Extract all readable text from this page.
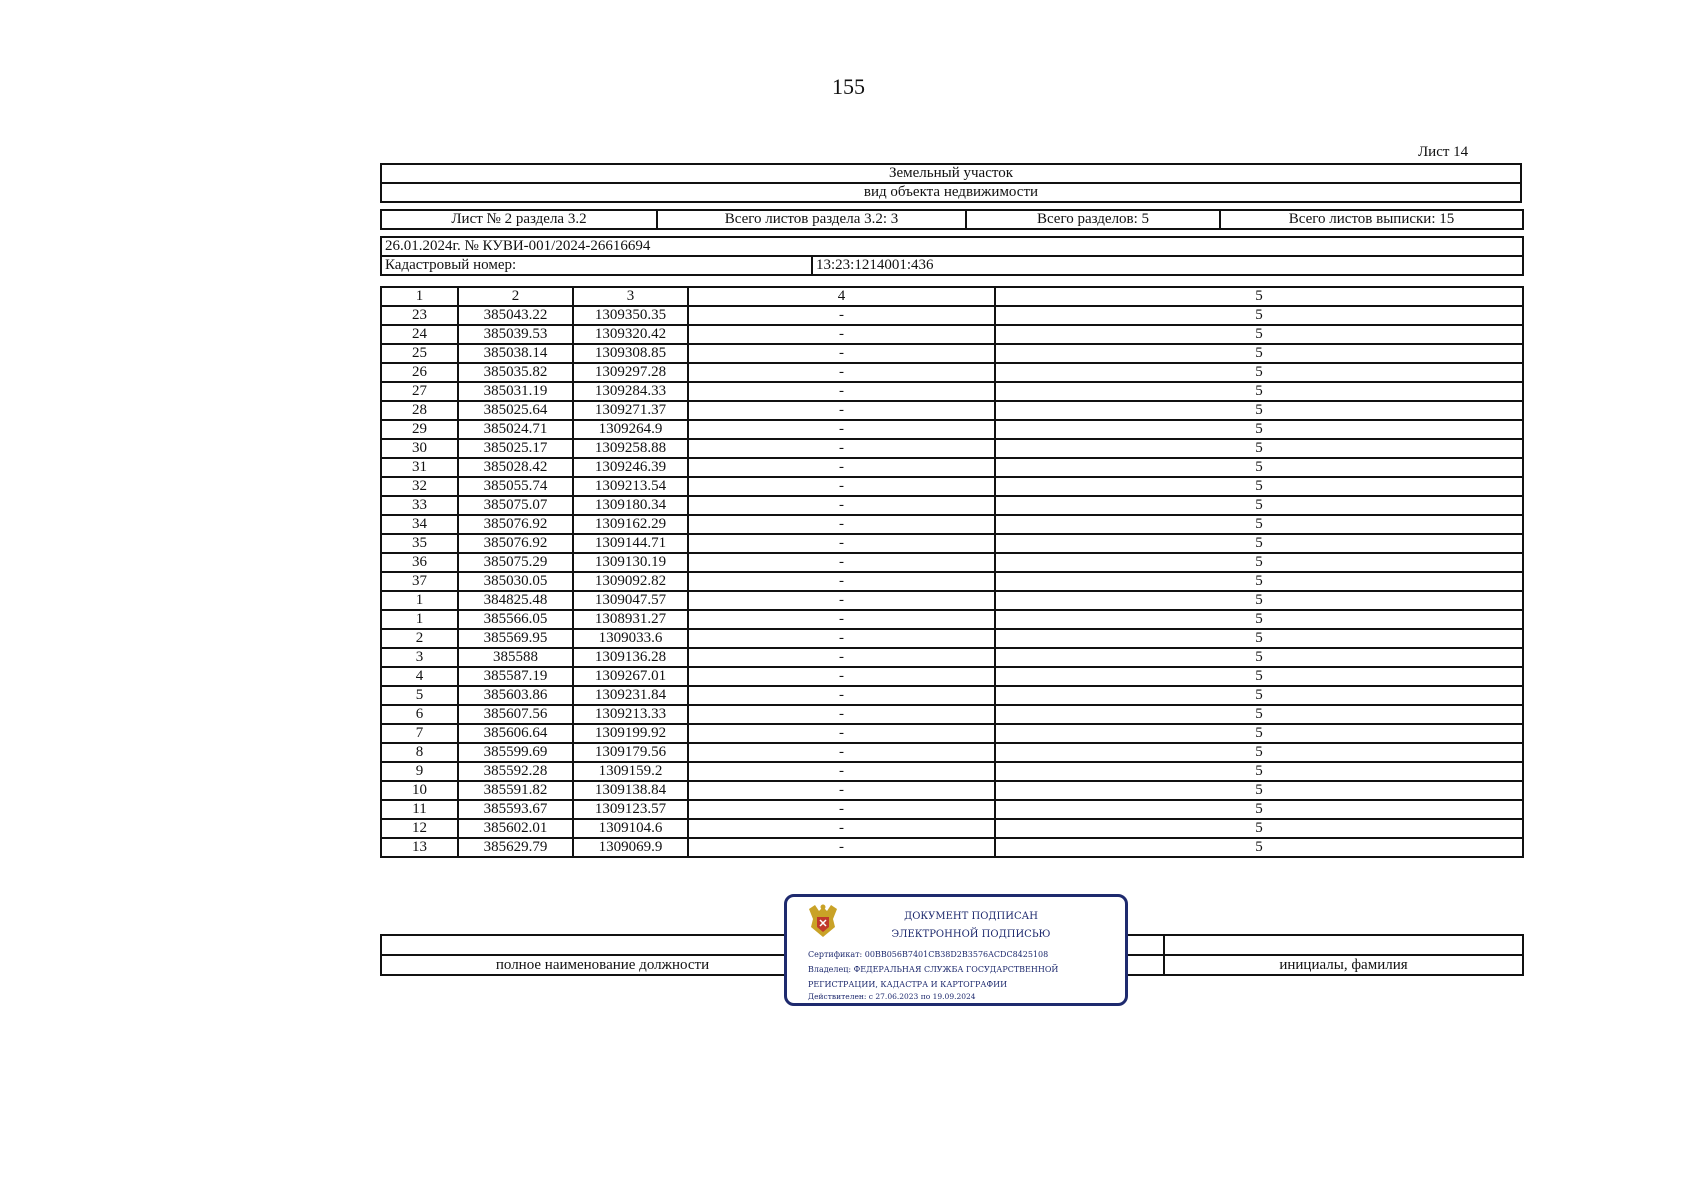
155
Лист 14
Земельный участок
вид объекта недвижимости
Лист № 2 раздела 3.2	Всего листов раздела 3.2: 3	Всего разделов: 5	Всего листов выписки: 15
26.01.2024г. № КУВИ-001/2024-26616694
Кадастровый номер:	13:23:1214001:436
1	2	3	4	5
23	385043.22	1309350.35	-	5
24	385039.53	1309320.42	-	5
25	385038.14	1309308.85	-	5
26	385035.82	1309297.28	-	5
27	385031.19	1309284.33	-	5
28	385025.64	1309271.37	-	5
29	385024.71	1309264.9	-	5
30	385025.17	1309258.88	-	5
31	385028.42	1309246.39	-	5
32	385055.74	1309213.54	-	5
33	385075.07	1309180.34	-	5
34	385076.92	1309162.29	-	5
35	385076.92	1309144.71	-	5
36	385075.29	1309130.19	-	5
37	385030.05	1309092.82	-	5
1	384825.48	1309047.57	-	5
1	385566.05	1308931.27	-	5
2	385569.95	1309033.6	-	5
3	385588	1309136.28	-	5
4	385587.19	1309267.01	-	5
5	385603.86	1309231.84	-	5
6	385607.56	1309213.33	-	5
7	385606.64	1309199.92	-	5
8	385599.69	1309179.56	-	5
9	385592.28	1309159.2	-	5
10	385591.82	1309138.84	-	5
11	385593.67	1309123.57	-	5
12	385602.01	1309104.6	-	5
13	385629.79	1309069.9	-	5

полное наименование должности		инициалы, фамилия
ДОКУМЕНТ ПОДПИСАН
ЭЛЕКТРОННОЙ ПОДПИСЬЮ
Сертификат: 00BB056B7401CB38D2B3576ACDC8425108
Владелец: ФЕДЕРАЛЬНАЯ СЛУЖБА ГОСУДАРСТВЕННОЙ
РЕГИСТРАЦИИ, КАДАСТРА И КАРТОГРАФИИ
Действителен: с 27.06.2023 по 19.09.2024
